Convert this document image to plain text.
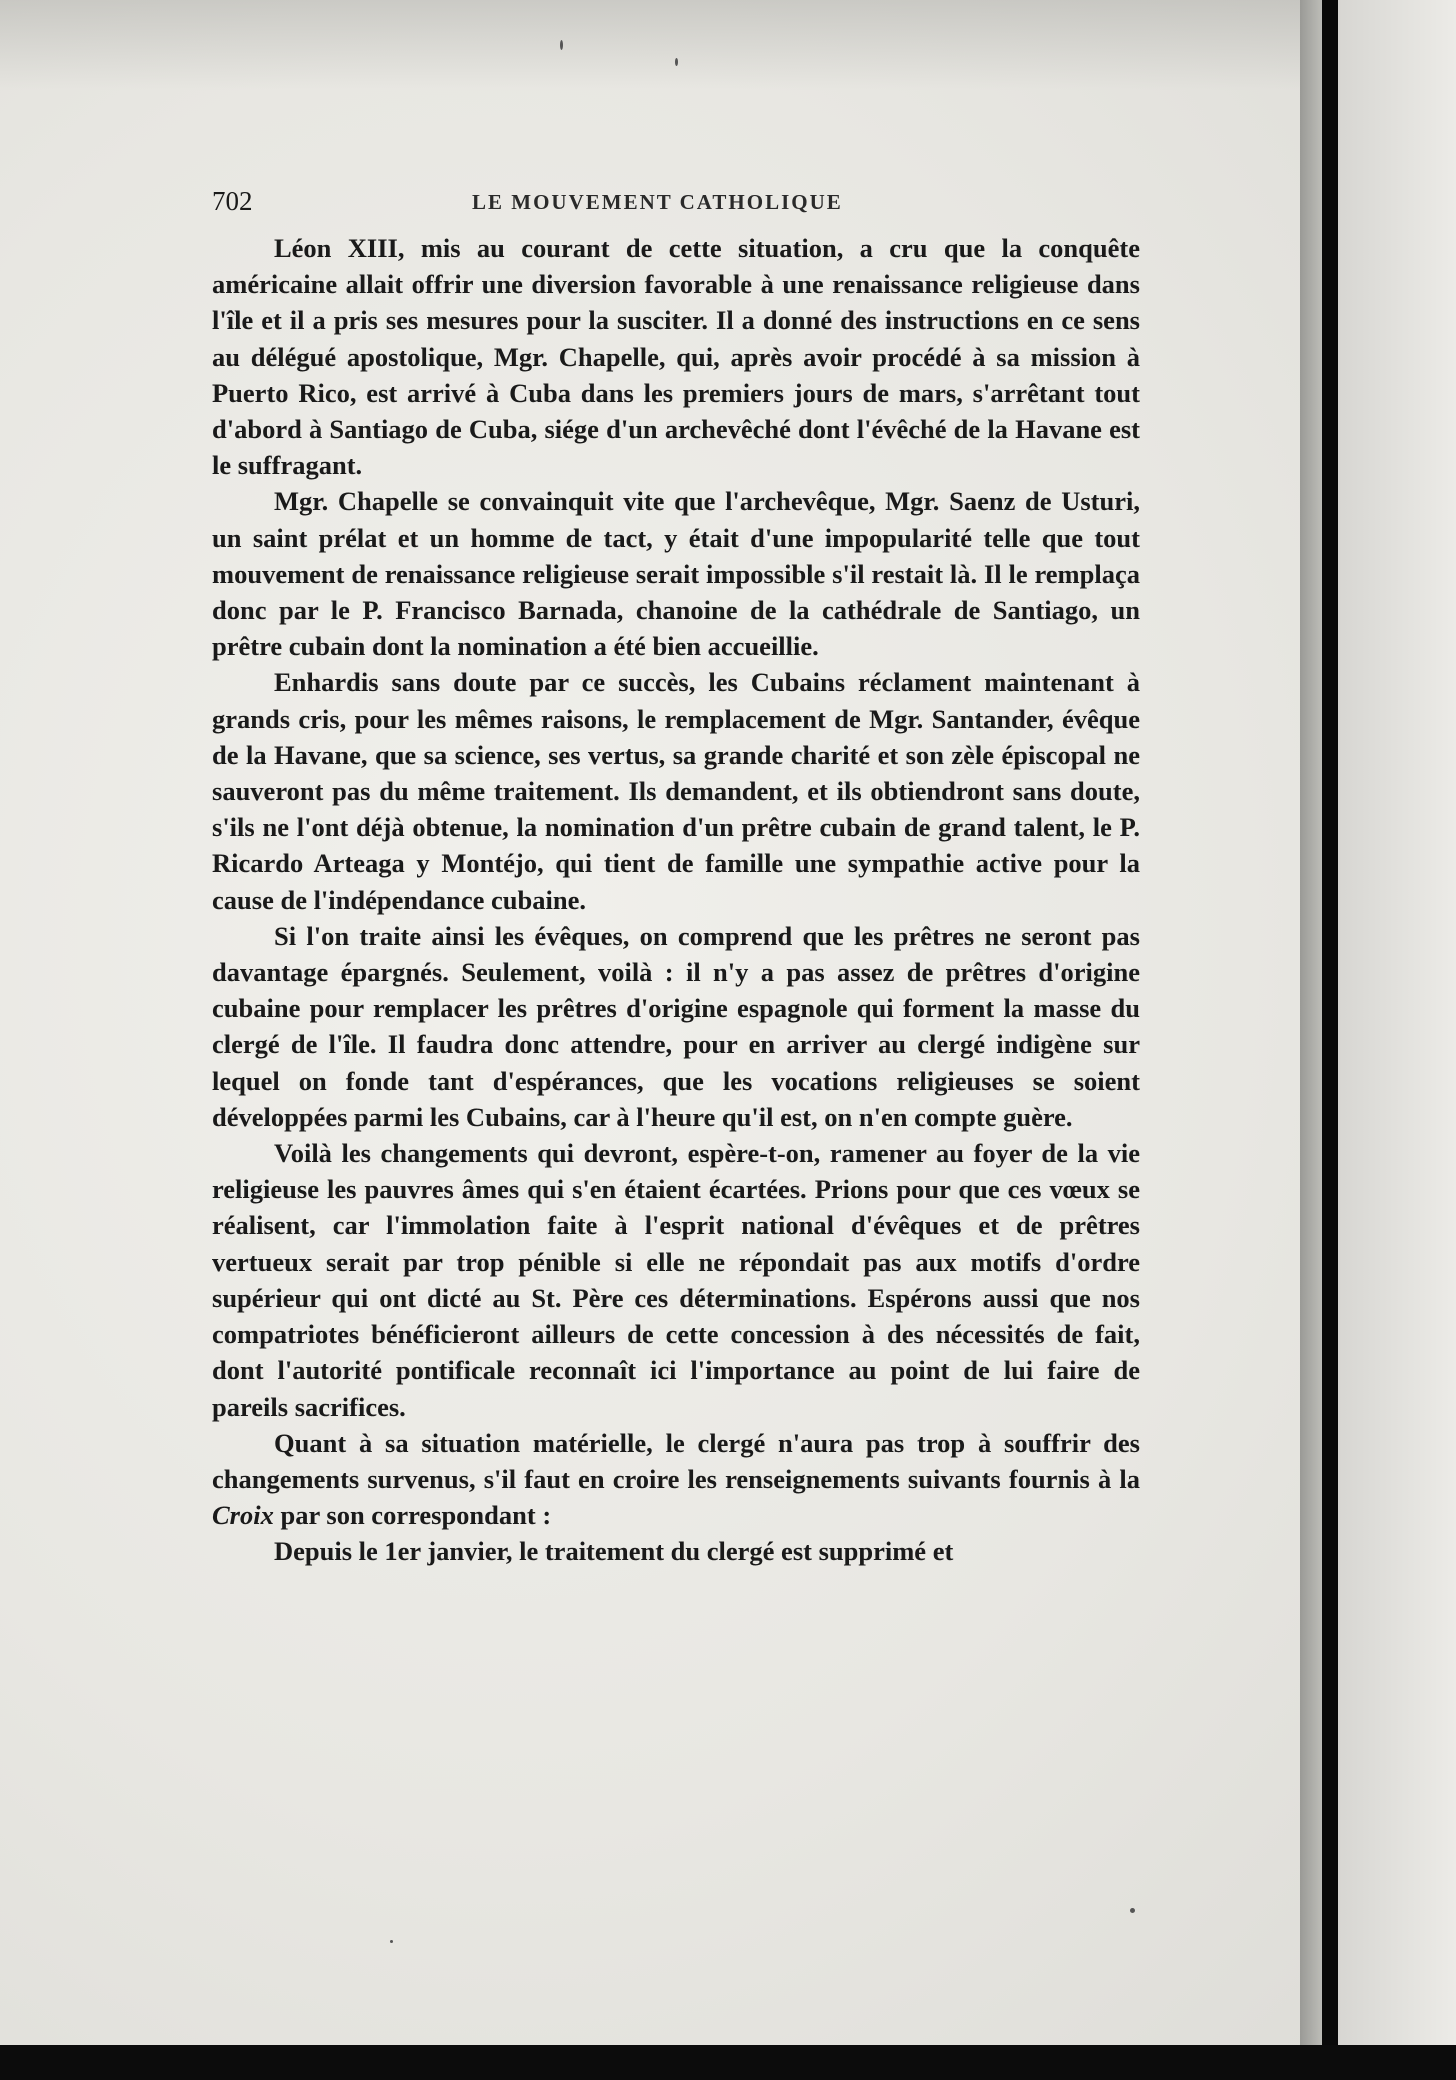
702	LE MOUVEMENT CATHOLIQUE

Léon XIII, mis au courant de cette situation, a cru que la conquête américaine allait offrir une diversion favorable à une renaissance religieuse dans l'île et il a pris ses mesures pour la susciter. Il a donné des instructions en ce sens au délégué apostolique, Mgr. Chapelle, qui, après avoir procédé à sa mission à Puerto Rico, est arrivé à Cuba dans les premiers jours de mars, s'arrêtant tout d'abord à Santiago de Cuba, siége d'un archevêché dont l'évêché de la Havane est le suffragant.

Mgr. Chapelle se convainquit vite que l'archevêque, Mgr. Saenz de Usturi, un saint prélat et un homme de tact, y était d'une impopularité telle que tout mouvement de renaissance religieuse serait impossible s'il restait là. Il le remplaça donc par le P. Francisco Barnada, chanoine de la cathédrale de Santiago, un prêtre cubain dont la nomination a été bien accueillie.

Enhardis sans doute par ce succès, les Cubains réclament maintenant à grands cris, pour les mêmes raisons, le remplacement de Mgr. Santander, évêque de la Havane, que sa science, ses vertus, sa grande charité et son zèle épiscopal ne sauveront pas du même traitement. Ils demandent, et ils obtiendront sans doute, s'ils ne l'ont déjà obtenue, la nomination d'un prêtre cubain de grand talent, le P. Ricardo Arteaga y Montéjo, qui tient de famille une sympathie active pour la cause de l'indépendance cubaine.

Si l'on traite ainsi les évêques, on comprend que les prêtres ne seront pas davantage épargnés. Seulement, voilà : il n'y a pas assez de prêtres d'origine cubaine pour remplacer les prêtres d'origine espagnole qui forment la masse du clergé de l'île. Il faudra donc attendre, pour en arriver au clergé indigène sur lequel on fonde tant d'espérances, que les vocations religieuses se soient développées parmi les Cubains, car à l'heure qu'il est, on n'en compte guère.

Voilà les changements qui devront, espère-t-on, ramener au foyer de la vie religieuse les pauvres âmes qui s'en étaient écartées. Prions pour que ces vœux se réalisent, car l'immolation faite à l'esprit national d'évêques et de prêtres vertueux serait par trop pénible si elle ne répondait pas aux motifs d'ordre supérieur qui ont dicté au St. Père ces déterminations. Espérons aussi que nos compatriotes bénéficieront ailleurs de cette concession à des nécessités de fait, dont l'autorité pontificale reconnaît ici l'importance au point de lui faire de pareils sacrifices.

Quant à sa situation matérielle, le clergé n'aura pas trop à souffrir des changements survenus, s'il faut en croire les renseignements suivants fournis à la Croix par son correspondant :

Depuis le 1er janvier, le traitement du clergé est supprimé et
